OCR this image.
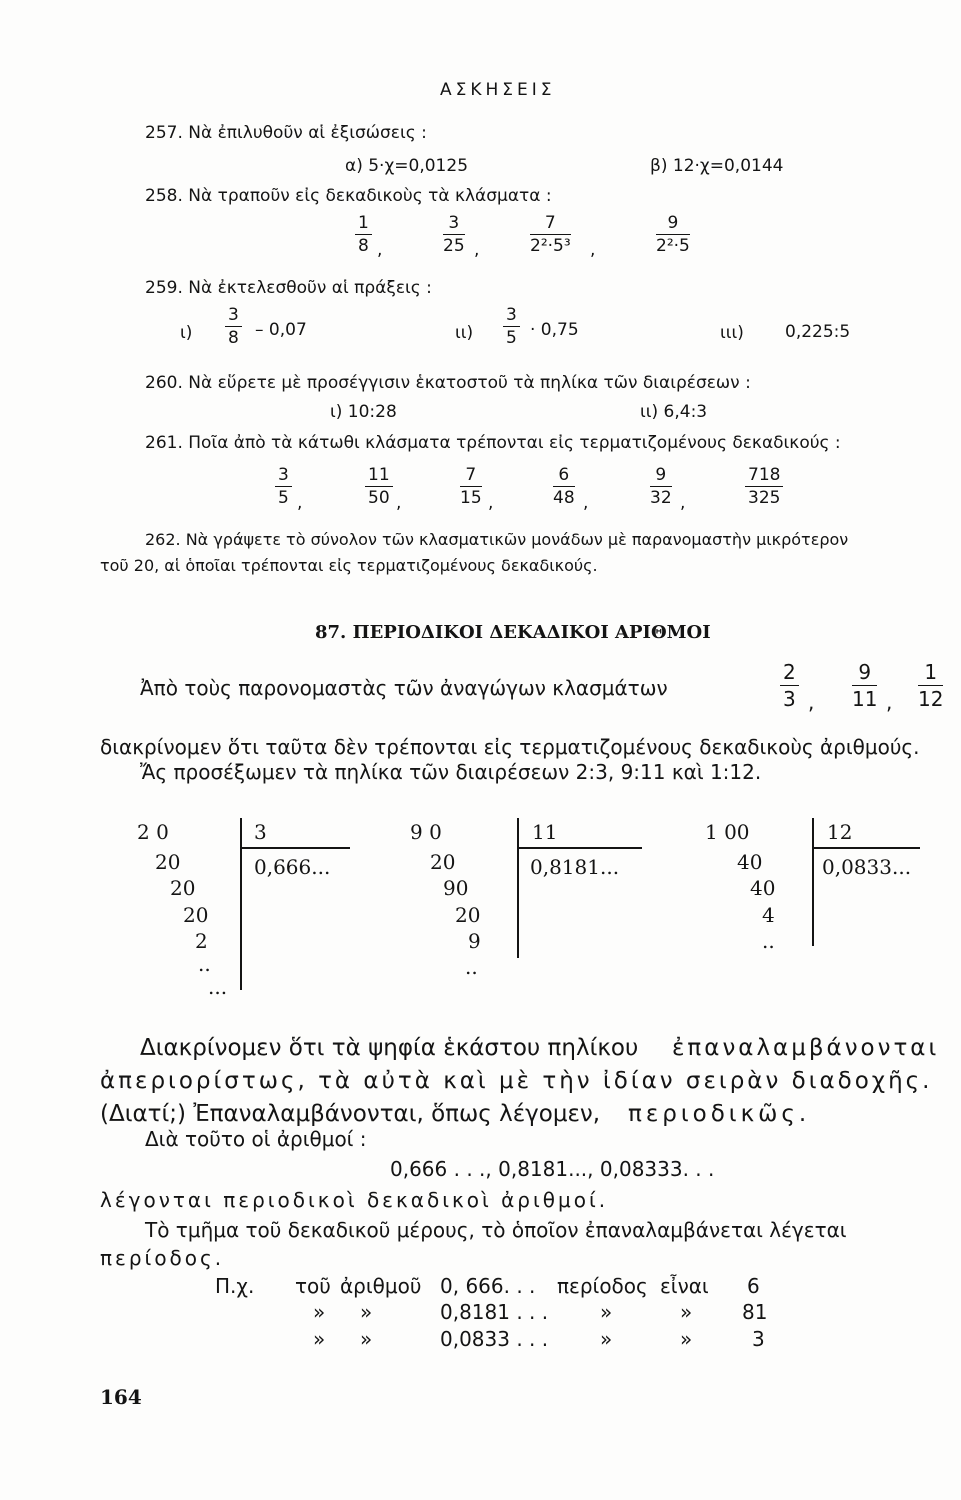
ΑΣΚΗΣΕΙΣ
257. Νὰ ἐπιλυθοῦν αἱ ἐξισώσεις :
α) 5·χ=0,0125	β) 12·χ=0,0144
258. Νὰ τραποῦν εἰς δεκαδικοὺς τὰ κλάσματα :
$\frac{1}{8}$ ,	$\frac{3}{25}$ ,	$\frac{7}{\text{2²·5³}}$ ,	$\frac{9}{\text{2²·5}}$
259. Νὰ ἐκτελεσθοῦν αἱ πράξεις :
$\iota) \frac{3}{8} - 0,07$	$\iota\iota) \frac{3}{5} \cdot 0,75$	ιιι) 0,225:5
260. Νὰ εὕρετε μὲ προσέγγισιν ἑκατοστοῦ τὰ πηλίκα τῶν διαιρέσεων :
ι) 10:28	ιι) 6,4:3
261. Ποῖα ἀπὸ τὰ κάτωθι κλάσματα τρέπονται εἰς τερματιζομένους δεκαδικούς :
$\frac{3}{5}$ ,	$\frac{11}{50}$ ,	$\frac{7}{15}$ ,	$\frac{6}{48}$ ,	$\frac{9}{32}$ ,	$\frac{718}{325}$
262. Νὰ γράψετε τὸ σύνολον τῶν κλασματικῶν μονάδων μὲ παρανομαστὴν μικρότερον
τοῦ 20, αἱ ὁποῖαι τρέπονται εἰς τερματιζομένους δεκαδικούς.
87. ΠΕΡΙΟΔΙΚΟΙ ΔΕΚΑΔΙΚΟΙ ΑΡΙΘΜΟΙ
Ἀπὸ τοὺς παρονομαστὰς τῶν ἀναγώγων κλασμάτων	$\frac{2}{3}$ , $\frac{9}{11}$ , $\frac{1}{12}$
διακρίνομεν ὅτι ταῦτα δὲν τρέπονται εἰς τερματιζομένους δεκαδικοὺς ἀριθμούς.
Ἄς προσέξωμεν τὰ πηλίκα τῶν διαιρέσεων 2:3, 9:11 καὶ 1:12.
2 0	3
0,666...
20
20
20
2
..
...
9 0	11
0,8181...
20
90
20
9
..
1 00	12
0,0833...
40
40
4
..
Διακρίνομεν ὅτι τὰ ψηφία ἑκάστου πηλίκου ἐπαναλαμβάνονται
ἀπεριορίστως, τὰ αὐτὰ καὶ μὲ τὴν ἰδίαν σειρὰν διαδοχῆς.
(Διατί;) Ἐπαναλαμβάνονται, ὅπως λέγομεν, περιοδικῶς.
Διὰ τοῦτο οἱ ἀριθμοί :
0,666 . . ., 0,8181..., 0,08333. . .
λέγονται περιοδικοὶ δεκαδικοὶ ἀριθμοί.
Τὸ τμῆμα τοῦ δεκαδικοῦ μέρους, τὸ ὁποῖον ἐπαναλαμβάνεται λέγεται
περίοδος.
Π.χ. τοῦ ἀριθμοῦ 0, 666. . . περίοδος εἶναι 6
» »	0,8181 . . .	»	» 81
» »	0,0833 . . .	»	»	3
164
